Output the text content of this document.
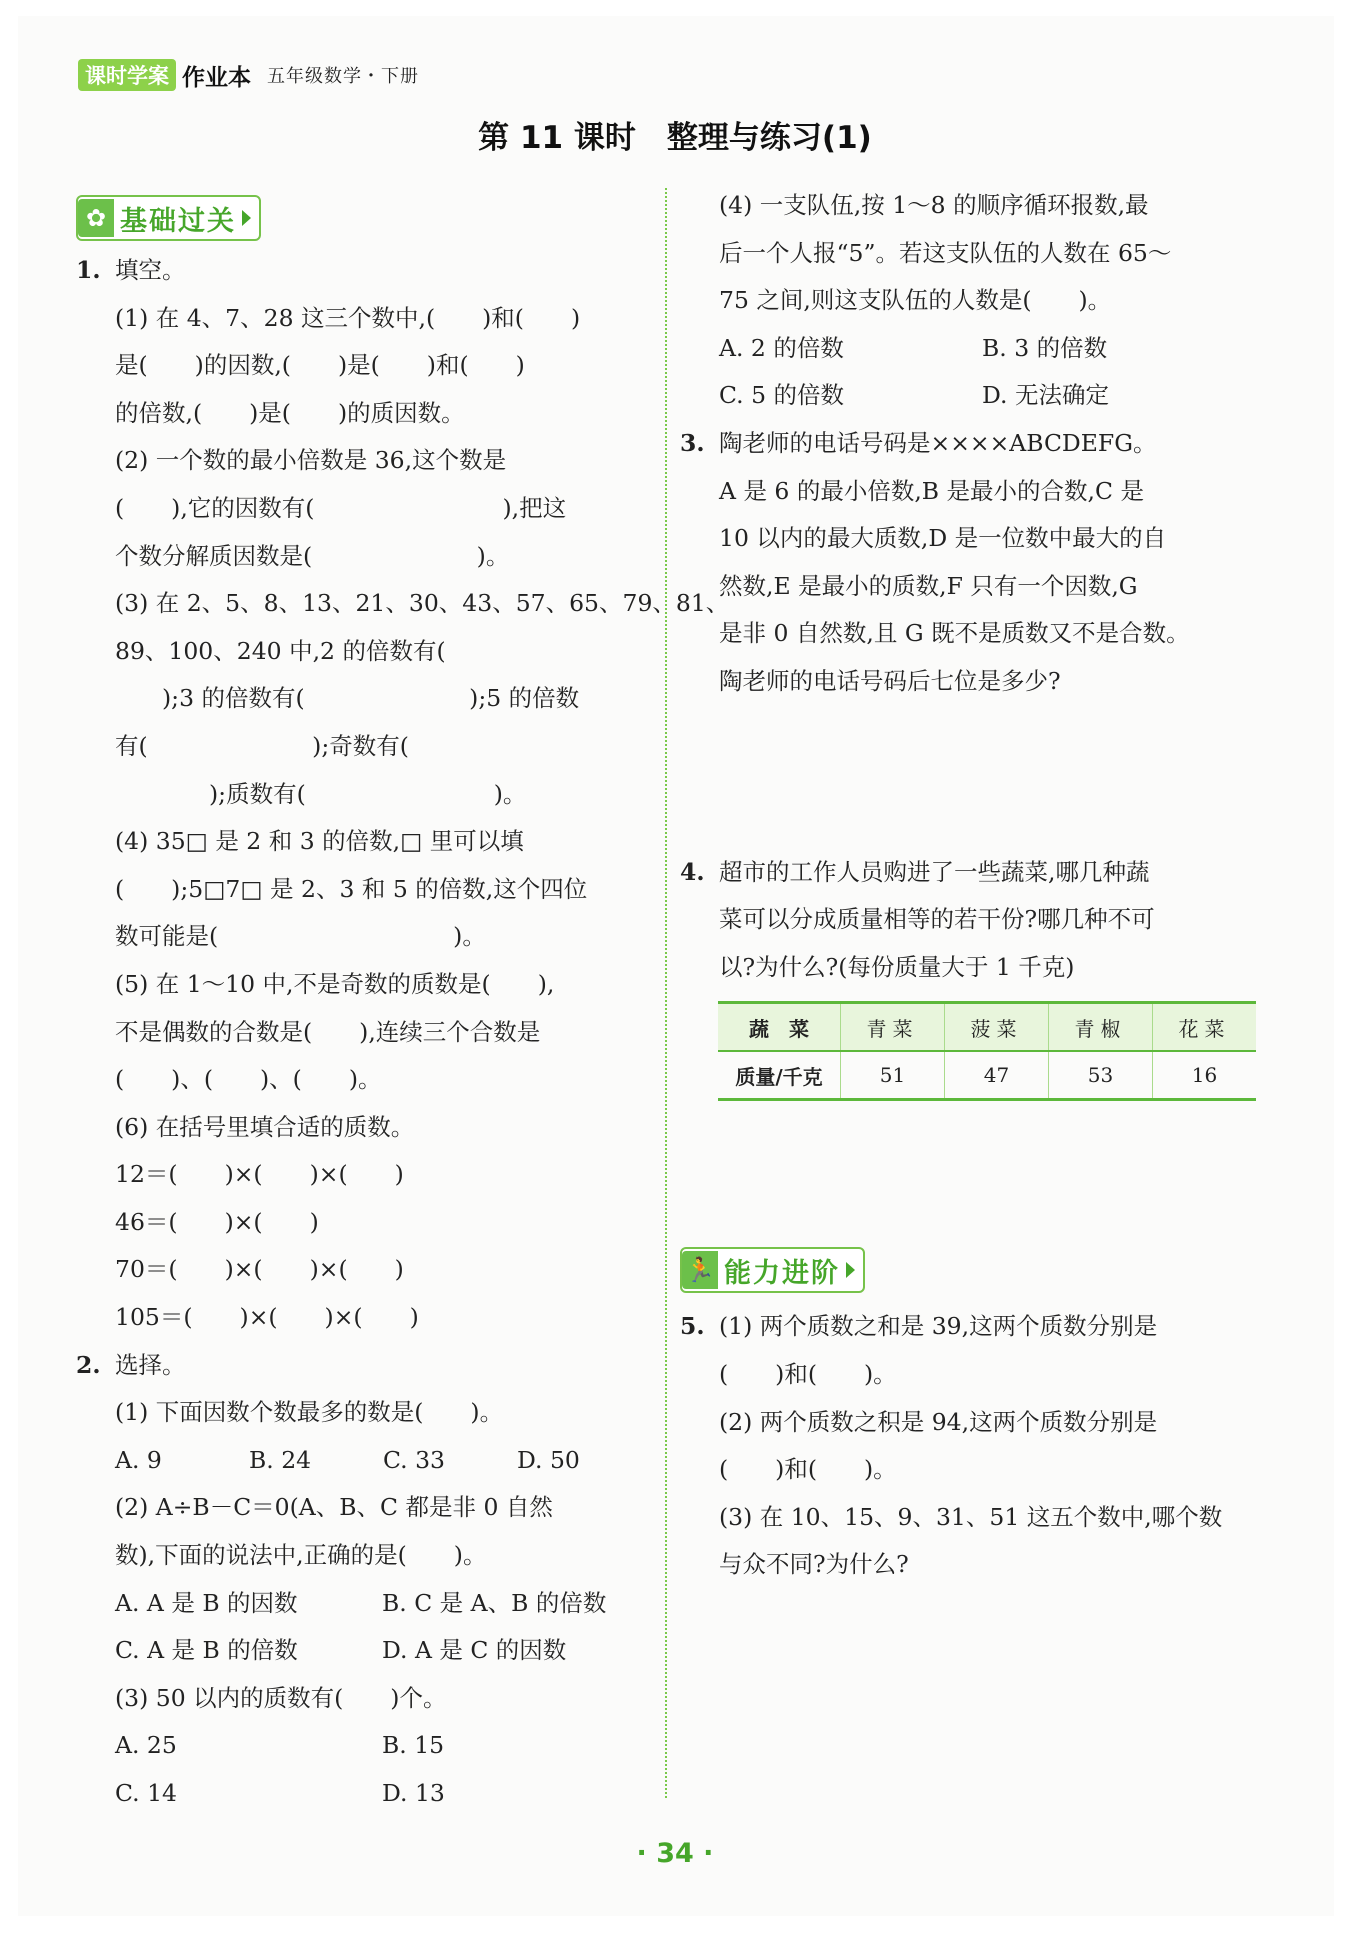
课时学案 作业本 五年级数学・下册
第 11 课时　整理与练习(1)
✿ 基础过关
1. 填空。
(1) 在 4、7、28 这三个数中,(　　)和(　　)
是(　　)的因数,(　　)是(　　)和(　　)
的倍数,(　　)是(　　)的质因数。
(2) 一个数的最小倍数是 36,这个数是
(　　),它的因数有(　　　　　　　　),把这
个数分解质因数是(　　　　　　　)。
(3) 在 2、5、8、13、21、30、43、57、65、79、81、
89、100、240 中,2 的倍数有(
　　);3 的倍数有(　　　　　　　);5 的倍数
有(　　　　　　　);奇数有(
　　　　);质数有(　　　　　　　　)。
(4) 35□ 是 2 和 3 的倍数,□ 里可以填
(　　);5□7□ 是 2、3 和 5 的倍数,这个四位
数可能是(　　　　　　　　　　)。
(5) 在 1～10 中,不是奇数的质数是(　　),
不是偶数的合数是(　　),连续三个合数是
(　　)、(　　)、(　　)。
(6) 在括号里填合适的质数。
12＝(　　)×(　　)×(　　)
46＝(　　)×(　　)
70＝(　　)×(　　)×(　　)
105＝(　　)×(　　)×(　　)
2. 选择。
(1) 下面因数个数最多的数是(　　)。
A. 9	B. 24	C. 33	D. 50
(2) A÷B－C＝0(A、B、C 都是非 0 自然
数),下面的说法中,正确的是(　　)。
A. A 是 B 的因数	B. C 是 A、B 的倍数
C. A 是 B 的倍数	D. A 是 C 的因数
(3) 50 以内的质数有(　　)个。
A. 25	B. 15
C. 14	D. 13
(4) 一支队伍,按 1～8 的顺序循环报数,最
后一个人报“5”。若这支队伍的人数在 65～
75 之间,则这支队伍的人数是(　　)。
A. 2 的倍数	B. 3 的倍数
C. 5 的倍数	D. 无法确定
3. 陶老师的电话号码是××××ABCDEFG。
A 是 6 的最小倍数,B 是最小的合数,C 是
10 以内的最大质数,D 是一位数中最大的自
然数,E 是最小的质数,F 只有一个因数,G
是非 0 自然数,且 G 既不是质数又不是合数。
陶老师的电话号码后七位是多少?
4. 超市的工作人员购进了一些蔬菜,哪几种蔬
菜可以分成质量相等的若干份?哪几种不可
以?为什么?(每份质量大于 1 千克)
蔬　菜	青菜	菠菜	青椒	花菜
质量/千克	51	47	53	16
🏃 能力进阶
5. (1) 两个质数之和是 39,这两个质数分别是
(　　)和(　　)。
(2) 两个质数之积是 94,这两个质数分别是
(　　)和(　　)。
(3) 在 10、15、9、31、51 这五个数中,哪个数
与众不同?为什么?
· 34 ·
